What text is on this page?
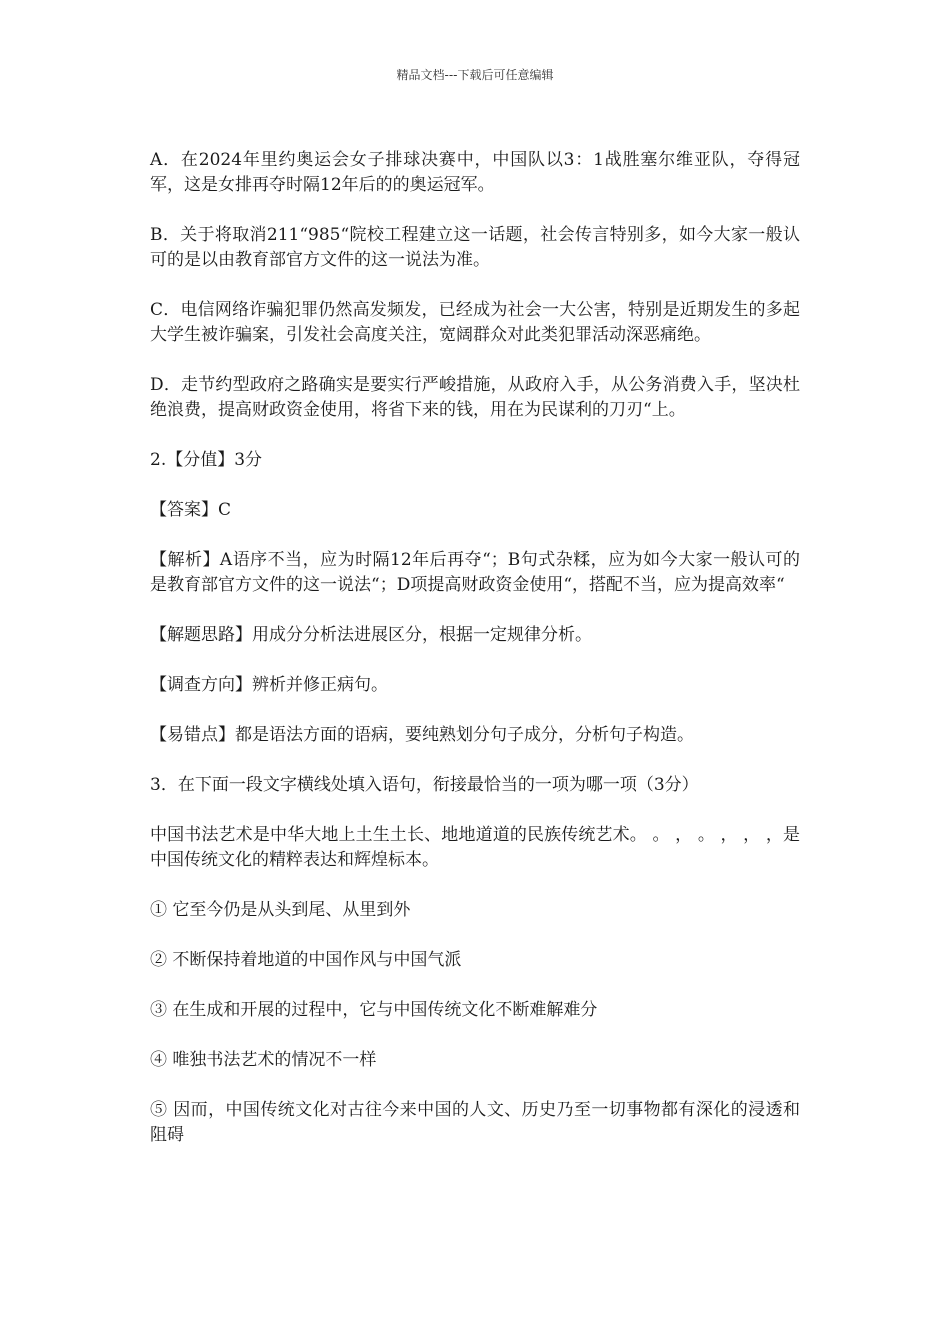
精品文档---下载后可任意编辑

A．在2024年里约奥运会女子排球决赛中，中国队以3：1战胜塞尔维亚队，夺得冠军，这是女排再夺时隔12年后的的奥运冠军。

B．关于将取消211“985“院校工程建立这一话题，社会传言特别多，如今大家一般认可的是以由教育部官方文件的这一说法为准。

C．电信网络诈骗犯罪仍然高发频发，已经成为社会一大公害，特别是近期发生的多起大学生被诈骗案，引发社会高度关注，宽阔群众对此类犯罪活动深恶痛绝。

D．走节约型政府之路确实是要实行严峻措施，从政府入手，从公务消费入手，坚决杜绝浪费，提高财政资金使用，将省下来的钱，用在为民谋利的刀刃“上。

2.【分值】3分

【答案】C

【解析】A语序不当，应为时隔12年后再夺“；B句式杂糅，应为如今大家一般认可的是教育部官方文件的这一说法“；D项提高财政资金使用“，搭配不当，应为提高效率“

【解题思路】用成分分析法进展区分，根据一定规律分析。

【调查方向】辨析并修正病句。

【易错点】都是语法方面的语病，要纯熟划分句子成分，分析句子构造。

3．在下面一段文字横线处填入语句，衔接最恰当的一项为哪一项（3分）

中国书法艺术是中华大地上土生土长、地地道道的民族传统艺术。 。 ， 。 ， ， ，是中国传统文化的精粹表达和辉煌标本。

① 它至今仍是从头到尾、从里到外

② 不断保持着地道的中国作风与中国气派

③ 在生成和开展的过程中，它与中国传统文化不断难解难分

④ 唯独书法艺术的情况不一样

⑤ 因而，中国传统文化对古往今来中国的人文、历史乃至一切事物都有深化的浸透和阻碍
